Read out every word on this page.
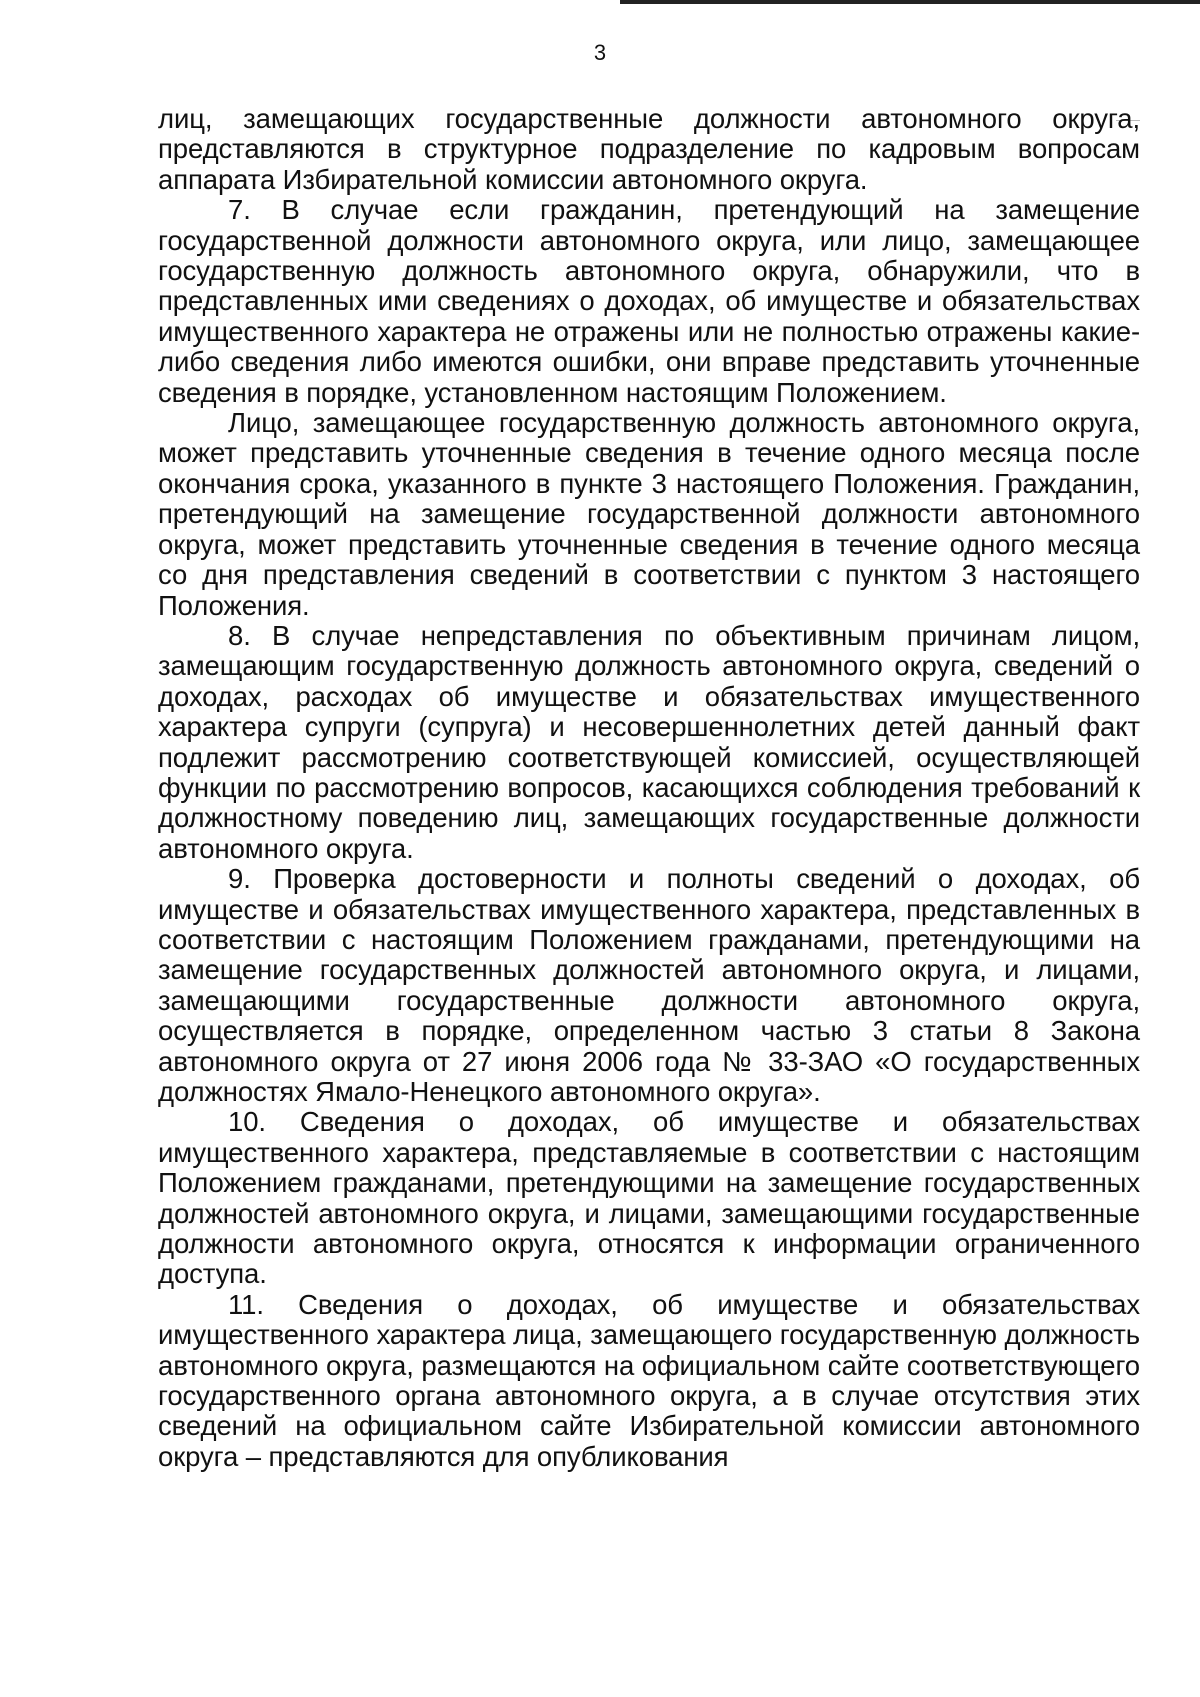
3

лиц, замещающих государственные должности автономного округа, представляются в структурное подразделение по кадровым вопросам аппарата Избирательной комиссии автономного округа.

7. В случае если гражданин, претендующий на замещение государственной должности автономного округа, или лицо, замещающее государственную должность автономного округа, обнаружили, что в представленных ими сведениях о доходах, об имуществе и обязательствах имущественного характера не отражены или не полностью отражены какие-либо сведения либо имеются ошибки, они вправе представить уточненные сведения в порядке, установленном настоящим Положением.

Лицо, замещающее государственную должность автономного округа, может представить уточненные сведения в течение одного месяца после окончания срока, указанного в пункте 3 настоящего Положения. Гражданин, претендующий на замещение государственной должности автономного округа, может представить уточненные сведения в течение одного месяца со дня представления сведений в соответствии с пунктом 3 настоящего Положения.

8. В случае непредставления по объективным причинам лицом, замещающим государственную должность автономного округа, сведений о доходах, расходах об имуществе и обязательствах имущественного характера супруги (супруга) и несовершеннолетних детей данный факт подлежит рассмотрению соответствующей комиссией, осуществляющей функции по рассмотрению вопросов, касающихся соблюдения требований к должностному поведению лиц, замещающих государственные должности автономного округа.

9. Проверка достоверности и полноты сведений о доходах, об имуществе и обязательствах имущественного характера, представленных в соответствии с настоящим Положением гражданами, претендующими на замещение государственных должностей автономного округа, и лицами, замещающими государственные должности автономного округа, осуществляется в порядке, определенном частью 3 статьи 8 Закона автономного округа от 27 июня 2006 года № 33-ЗАО «О государственных должностях Ямало-Ненецкого автономного округа».

10. Сведения о доходах, об имуществе и обязательствах имущественного характера, представляемые в соответствии с настоящим Положением гражданами, претендующими на замещение государственных должностей автономного округа, и лицами, замещающими государственные должности автономного округа, относятся к информации ограниченного доступа.

11. Сведения о доходах, об имуществе и обязательствах имущественного характера лица, замещающего государственную должность автономного округа, размещаются на официальном сайте соответствующего государственного органа автономного округа, а в случае отсутствия этих сведений на официальном сайте Избирательной комиссии автономного округа – представляются для опубликования
